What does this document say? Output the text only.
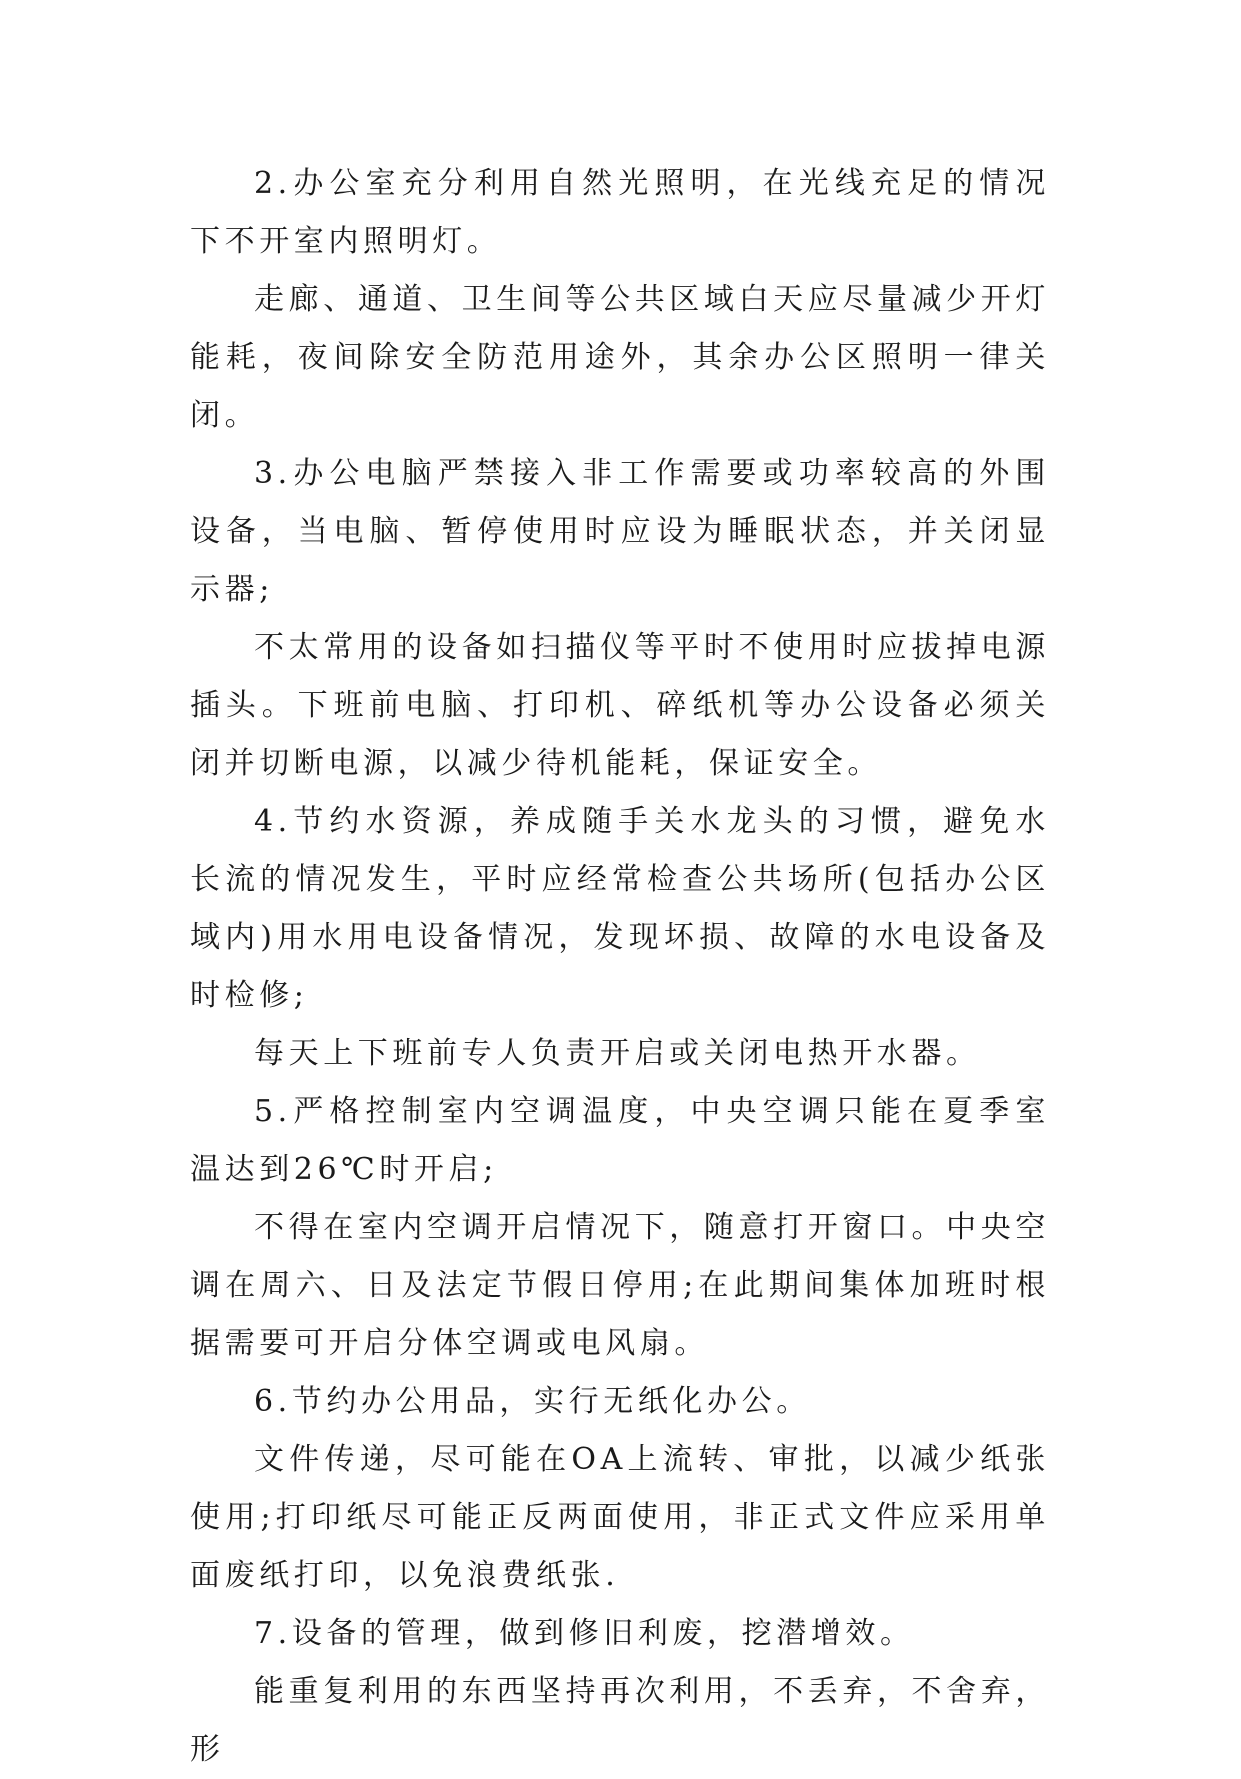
2.办公室充分利用自然光照明，在光线充足的情况下不开室内照明灯。

走廊、通道、卫生间等公共区域白天应尽量减少开灯能耗，夜间除安全防范用途外，其余办公区照明一律关闭。

3.办公电脑严禁接入非工作需要或功率较高的外围设备，当电脑、暂停使用时应设为睡眠状态，并关闭显示器;

不太常用的设备如扫描仪等平时不使用时应拔掉电源插头。下班前电脑、打印机、碎纸机等办公设备必须关闭并切断电源，以减少待机能耗，保证安全。

4.节约水资源，养成随手关水龙头的习惯，避免水长流的情况发生，平时应经常检查公共场所(包括办公区域内)用水用电设备情况，发现坏损、故障的水电设备及时检修;

每天上下班前专人负责开启或关闭电热开水器。

5.严格控制室内空调温度，中央空调只能在夏季室温达到26℃时开启;

不得在室内空调开启情况下，随意打开窗口。中央空调在周六、日及法定节假日停用;在此期间集体加班时根据需要可开启分体空调或电风扇。

6.节约办公用品，实行无纸化办公。

文件传递，尽可能在OA上流转、审批，以减少纸张使用;打印纸尽可能正反两面使用，非正式文件应采用单面废纸打印，以免浪费纸张.

7.设备的管理，做到修旧利废，挖潜增效。

能重复利用的东西坚持再次利用，不丢弃，不舍弃，形
